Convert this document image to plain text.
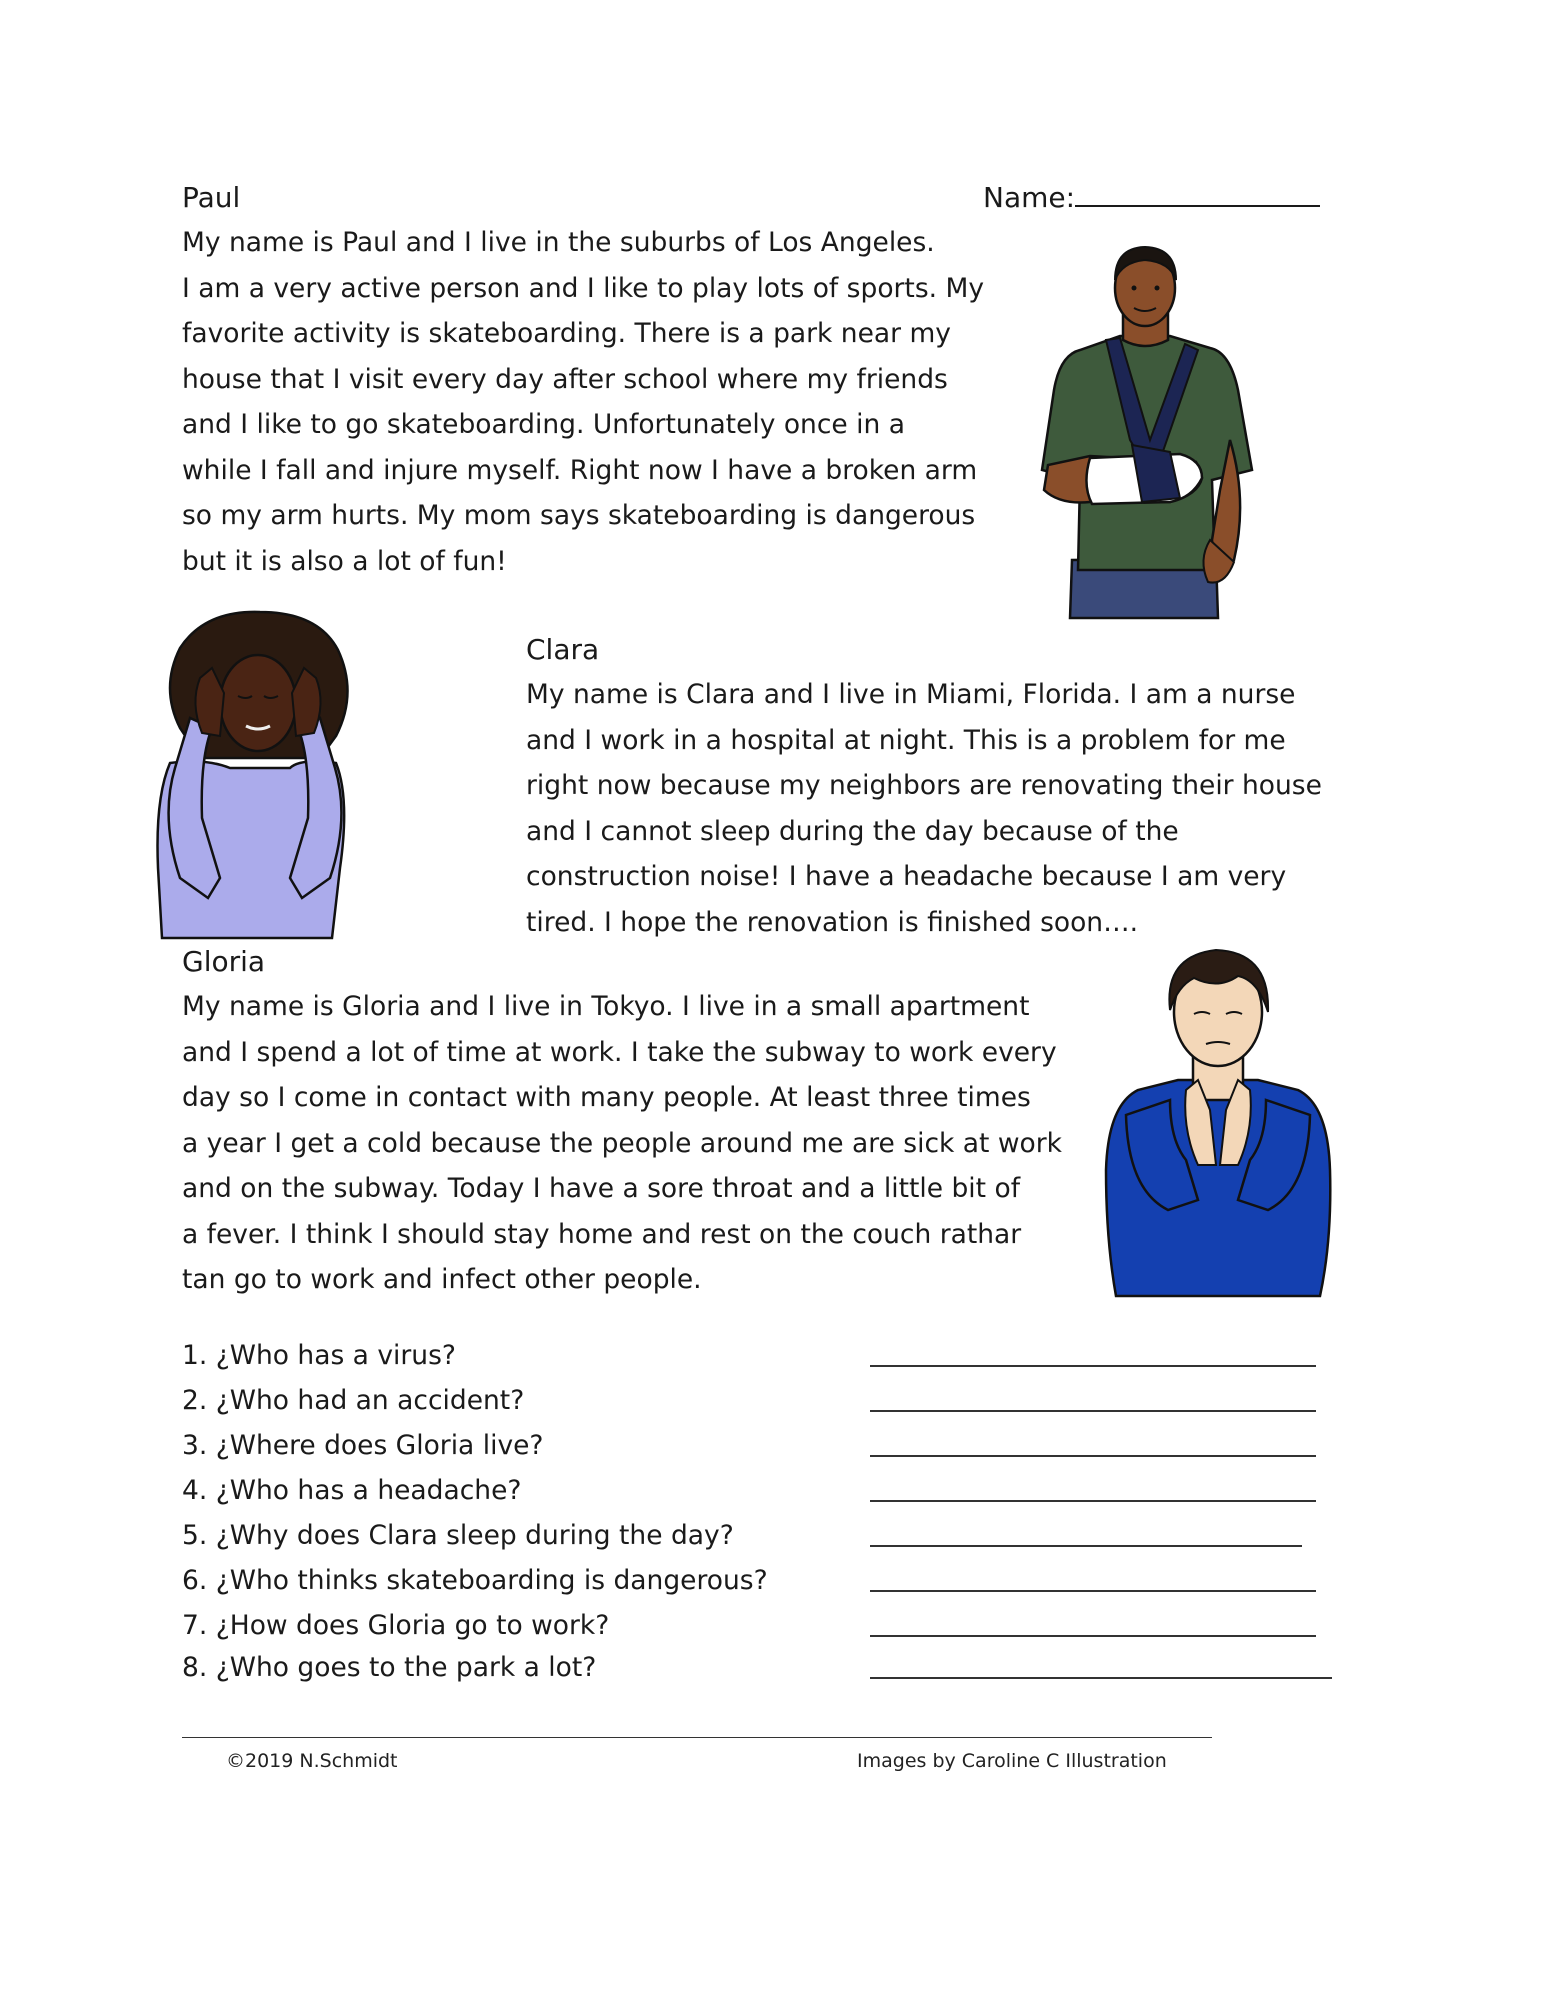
Name:
Paul
My name is Paul and I live in the suburbs of Los Angeles.
I am a very active person and I like to play lots of sports. My
favorite activity is skateboarding. There is a park near my
house that I visit every day after school where my friends
and I like to go skateboarding. Unfortunately once in a
while I fall and injure myself. Right now I have a broken arm
so my arm hurts. My mom says skateboarding is dangerous
but it is also a lot of fun!
Clara
My name is Clara and I live in Miami, Florida. I am a nurse
and I work in a hospital at night. This is a problem for me
right now because my neighbors are renovating their house
and I cannot sleep during the day because of the
construction noise! I have a headache because I am very
tired. I hope the renovation is finished soon….
Gloria
My name is Gloria and I live in Tokyo. I live in a small apartment
and I spend a lot of time at work. I take the subway to work every
day so I come in contact with many people. At least three times
a year I get a cold because the people around me are sick at work
and on the subway. Today I have a sore throat and a little bit of
a fever. I think I should stay home and rest on the couch rathar
tan go to work and infect other people.
1. ¿Who has a virus?
2. ¿Who had an accident?
3. ¿Where does Gloria live?
4. ¿Who has a headache?
5. ¿Why does Clara sleep during the day?
6. ¿Who thinks skateboarding is dangerous?
7. ¿How does Gloria go to work?
8. ¿Who goes to the park a lot?
©2019 N.Schmidt	Images by Caroline C Illustration
